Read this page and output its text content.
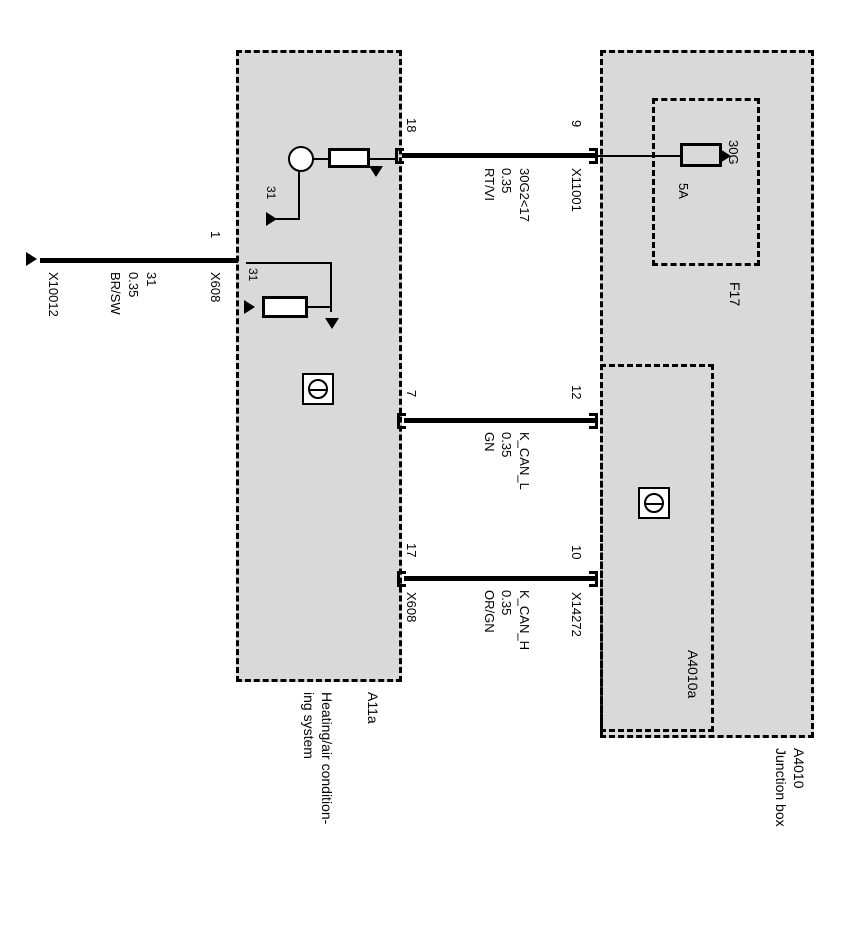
18	9
7	12
17	10
1
31
31
30G2<17
0.35
RT/VI	X11001
30G
5A
F17
31
0.35
BR/SW
X10012	X608
K_CAN_L
0.35
GN
K_CAN_H
0.35
OR/GN
X608	X14272
A11a
Heating/air condition-
ing system
A4010a
A4010
Junction box
